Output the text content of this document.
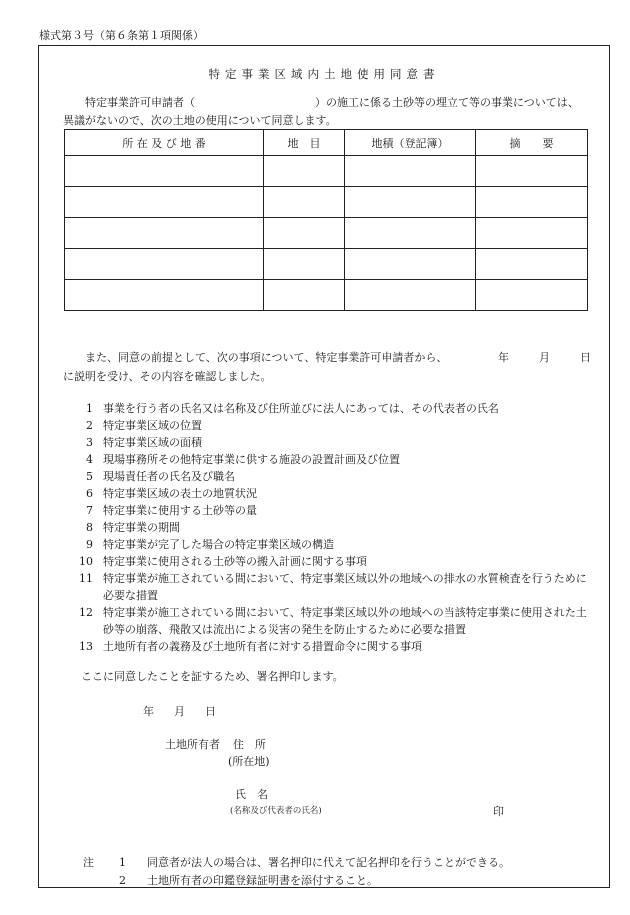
様式第３号（第６条第１項関係）
特定事業区域内土地使用同意書
特定事業許可申請者（	）の施工に係る土砂等の埋立て等の事業については、
異議がないので、次の土地の使用について同意します。
所 在 及 び 地 番	地　目	地積（登記簿）	摘　　要

また、同意の前提として、次の事項について、特定事業許可申請者から、	年	月	日
に説明を受け、その内容を確認しました。
1 事業を行う者の氏名又は名称及び住所並びに法人にあっては、その代表者の氏名
2 特定事業区域の位置
3 特定事業区域の面積
4 現場事務所その他特定事業に供する施設の設置計画及び位置
5 現場責任者の氏名及び職名
6 特定事業区域の表土の地質状況
7 特定事業に使用する土砂等の量
8 特定事業の期間
9 特定事業が完了した場合の特定事業区域の構造
10 特定事業に使用される土砂等の搬入計画に関する事項
11 特定事業が施工されている間において、特定事業区域以外の地域への排水の水質検査を行うために必要な措置
12 特定事業が施工されている間において、特定事業区域以外の地域への当該特定事業に使用された土砂等の崩落、飛散又は流出による災害の発生を防止するために必要な措置
13 土地所有者の義務及び土地所有者に対する措置命令に関する事項
ここに同意したことを証するため、署名押印します。
年 月 日
土地所有者 住　所
(所在地)
氏　名
(名称及び代表者の氏名)	印
注	1	同意者が法人の場合は、署名押印に代えて記名押印を行うことができる。
2	土地所有者の印鑑登録証明書を添付すること。
